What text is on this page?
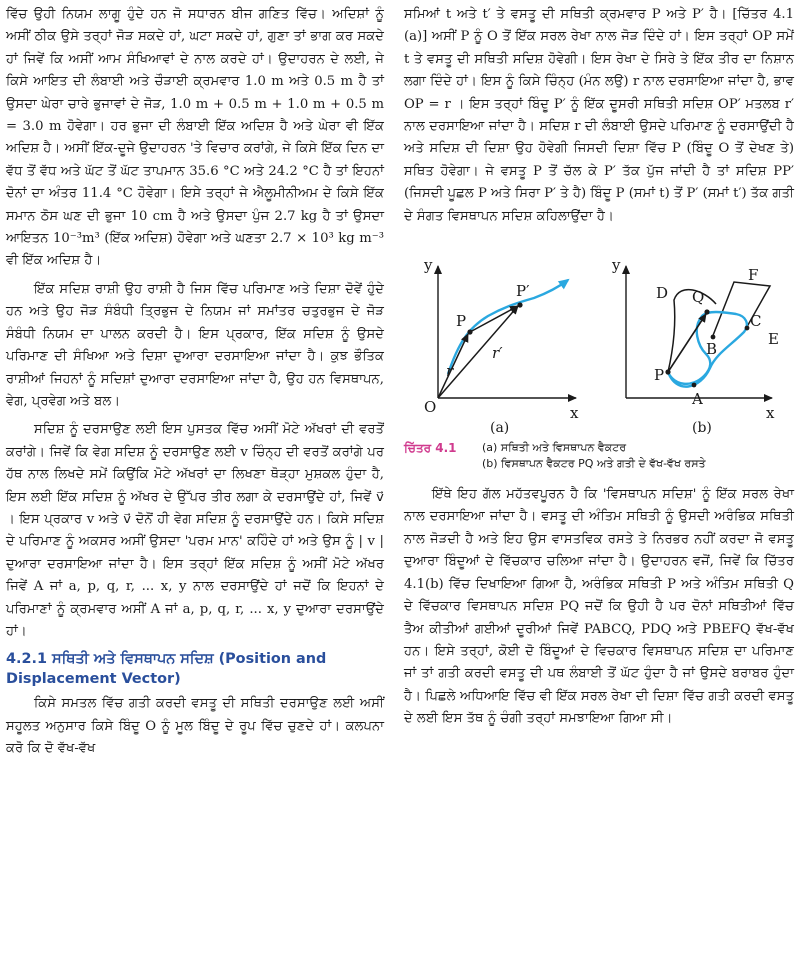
ਵਿੱਚ ਉਹੀ ਨਿਯਮ ਲਾਗੂ ਹੁੰਦੇ ਹਨ ਜੋ ਸਧਾਰਨ ਬੀਜ ਗਣਿਤ ਵਿੱਚ। ਅਦਿਸ਼ਾਂ ਨੂੰ ਅਸੀਂ ਠੀਕ ਉਸੇ ਤਰ੍ਹਾਂ ਜੋੜ ਸਕਦੇ ਹਾਂ, ਘਟਾ ਸਕਦੇ ਹਾਂ, ਗੁਣਾ ਤਾਂ ਭਾਗ ਕਰ ਸਕਦੇ ਹਾਂ ਜਿਵੇਂ ਕਿ ਅਸੀਂ ਆਮ ਸੰਖਿਆਵਾਂ ਦੇ ਨਾਲ ਕਰਦੇ ਹਾਂ। ਉਦਾਹਰਨ ਦੇ ਲਈ, ਜੇ ਕਿਸੇ ਆਇਤ ਦੀ ਲੰਬਾਈ ਅਤੇ ਚੌੜਾਈ ਕ੍ਰਮਵਾਰ 1.0 m ਅਤੇ 0.5 m ਹੈ ਤਾਂ ਉਸਦਾ ਘੇਰਾ ਚਾਰੇ ਭੁਜਾਵਾਂ ਦੇ ਜੋੜ, 1.0 m + 0.5 m + 1.0 m + 0.5 m = 3.0 m ਹੋਵੇਗਾ। ਹਰ ਭੁਜਾ ਦੀ ਲੰਬਾਈ ਇੱਕ ਅਦਿਸ਼ ਹੈ ਅਤੇ ਘੇਰਾ ਵੀ ਇੱਕ ਅਦਿਸ਼ ਹੈ। ਅਸੀਂ ਇੱਕ-ਦੂਜੇ ਉਦਾਹਰਨ 'ਤੇ ਵਿਚਾਰ ਕਰਾਂਗੇ, ਜੇ ਕਿਸੇ ਇੱਕ ਦਿਨ ਦਾ ਵੱਧ ਤੋਂ ਵੱਧ ਅਤੇ ਘੱਟ ਤੋਂ ਘੱਟ ਤਾਪਮਾਨ 35.6 °C ਅਤੇ 24.2 °C ਹੈ ਤਾਂ ਇਹਨਾਂ ਦੋਨਾਂ ਦਾ ਅੰਤਰ 11.4 °C ਹੋਵੇਗਾ। ਇਸੇ ਤਰ੍ਹਾਂ ਜੇ ਐਲੂਮੀਨੀਅਮ ਦੇ ਕਿਸੇ ਇੱਕ ਸਮਾਨ ਠੋਸ ਘਣ ਦੀ ਭੁਜਾ 10 cm ਹੈ ਅਤੇ ਉਸਦਾ ਪੁੰਜ 2.7 kg ਹੈ ਤਾਂ ਉਸਦਾ ਆਇਤਨ 10⁻³m³ (ਇੱਕ ਅਦਿਸ਼) ਹੋਵੇਗਾ ਅਤੇ ਘਣਤਾ 2.7 × 10³ kg m⁻³ ਵੀ ਇੱਕ ਅਦਿਸ਼ ਹੈ।

ਇੱਕ ਸਦਿਸ਼ ਰਾਸ਼ੀ ਉਹ ਰਾਸ਼ੀ ਹੈ ਜਿਸ ਵਿੱਚ ਪਰਿਮਾਣ ਅਤੇ ਦਿਸ਼ਾ ਦੋਵੇਂ ਹੁੰਦੇ ਹਨ ਅਤੇ ਉਹ ਜੋੜ ਸੰਬੰਧੀ ਤ੍ਰਿਭੁਜ ਦੇ ਨਿਯਮ ਜਾਂ ਸਮਾਂਤਰ ਚਤੁਰਭੁਜ ਦੇ ਜੋੜ ਸੰਬੰਧੀ ਨਿਯਮ ਦਾ ਪਾਲਨ ਕਰਦੀ ਹੈ। ਇਸ ਪ੍ਰਕਾਰ, ਇੱਕ ਸਦਿਸ਼ ਨੂੰ ਉਸਦੇ ਪਰਿਮਾਣ ਦੀ ਸੰਖਿਆ ਅਤੇ ਦਿਸ਼ਾ ਦੁਆਰਾ ਦਰਸਾਇਆ ਜਾਂਦਾ ਹੈ। ਕੁਝ ਭੌਤਿਕ ਰਾਸ਼ੀਆਂ ਜਿਹਨਾਂ ਨੂੰ ਸਦਿਸ਼ਾਂ ਦੁਆਰਾ ਦਰਸਾਇਆ ਜਾਂਦਾ ਹੈ, ਉਹ ਹਨ ਵਿਸਥਾਪਨ, ਵੇਗ, ਪ੍ਰਵੇਗ ਅਤੇ ਬਲ।

ਸਦਿਸ਼ ਨੂੰ ਦਰਸਾਉਣ ਲਈ ਇਸ ਪੁਸਤਕ ਵਿੱਚ ਅਸੀਂ ਮੋਟੇ ਅੱਖਰਾਂ ਦੀ ਵਰਤੋਂ ਕਰਾਂਗੇ। ਜਿਵੇਂ ਕਿ ਵੇਗ ਸਦਿਸ਼ ਨੂੰ ਦਰਸਾਉਣ ਲਈ v ਚਿੰਨ੍ਹ ਦੀ ਵਰਤੋਂ ਕਰਾਂਗੇ ਪਰ ਹੱਥ ਨਾਲ ਲਿਖਦੇ ਸਮੇਂ ਕਿਉਂਕਿ ਮੋਟੇ ਅੱਖਰਾਂ ਦਾ ਲਿਖਣਾ ਥੋੜ੍ਹਾ ਮੁਸ਼ਕਲ ਹੁੰਦਾ ਹੈ, ਇਸ ਲਈ ਇੱਕ ਸਦਿਸ਼ ਨੂੰ ਅੱਖਰ ਦੇ ਉੱਪਰ ਤੀਰ ਲਗਾ ਕੇ ਦਰਸਾਉਂਦੇ ਹਾਂ, ਜਿਵੇਂ v⃗ । ਇਸ ਪ੍ਰਕਾਰ v ਅਤੇ v⃗ ਦੋਨੋਂ ਹੀ ਵੇਗ ਸਦਿਸ਼ ਨੂੰ ਦਰਸਾਉਂਦੇ ਹਨ। ਕਿਸੇ ਸਦਿਸ਼ ਦੇ ਪਰਿਮਾਣ ਨੂੰ ਅਕਸਰ ਅਸੀਂ ਉਸਦਾ 'ਪਰਮ ਮਾਨ' ਕਹਿੰਦੇ ਹਾਂ ਅਤੇ ਉਸ ਨੂੰ | v | ਦੁਆਰਾ ਦਰਸਾਇਆ ਜਾਂਦਾ ਹੈ। ਇਸ ਤਰ੍ਹਾਂ ਇੱਕ ਸਦਿਸ਼ ਨੂੰ ਅਸੀਂ ਮੋਟੇ ਅੱਖਰ ਜਿਵੇਂ A ਜਾਂ a, p, q, r, ... x, y ਨਾਲ ਦਰਸਾਉਂਦੇ ਹਾਂ ਜਦੋਂ ਕਿ ਇਹਨਾਂ ਦੇ ਪਰਿਮਾਣਾਂ ਨੂੰ ਕ੍ਰਮਵਾਰ ਅਸੀਂ A ਜਾਂ a, p, q, r, ... x, y ਦੁਆਰਾ ਦਰਸਾਉਂਦੇ ਹਾਂ।

4.2.1 ਸਥਿਤੀ ਅਤੇ ਵਿਸਥਾਪਨ ਸਦਿਸ਼ (Position and Displacement Vector)

ਕਿਸੇ ਸਮਤਲ ਵਿੱਚ ਗਤੀ ਕਰਦੀ ਵਸਤੂ ਦੀ ਸਥਿਤੀ ਦਰਸਾਉਣ ਲਈ ਅਸੀਂ ਸਹੂਲਤ ਅਨੁਸਾਰ ਕਿਸੇ ਬਿੰਦੂ O ਨੂੰ ਮੂਲ ਬਿੰਦੂ ਦੇ ਰੂਪ ਵਿੱਚ ਚੁਣਦੇ ਹਾਂ। ਕਲਪਨਾ ਕਰੋ ਕਿ ਦੋ ਵੱਖ-ਵੱਖ

ਸਮਿਆਂ t ਅਤੇ t′ ਤੇ ਵਸਤੂ ਦੀ ਸਥਿਤੀ ਕ੍ਰਮਵਾਰ P ਅਤੇ P′ ਹੈ। [ਚਿੱਤਰ 4.1 (a)] ਅਸੀਂ P ਨੂੰ O ਤੋਂ ਇੱਕ ਸਰਲ ਰੇਖਾ ਨਾਲ ਜੋੜ ਦਿੰਦੇ ਹਾਂ। ਇਸ ਤਰ੍ਹਾਂ OP ਸਮੇਂ t ਤੇ ਵਸਤੂ ਦੀ ਸਥਿਤੀ ਸਦਿਸ਼ ਹੋਵੇਗੀ। ਇਸ ਰੇਖਾ ਦੇ ਸਿਰੇ ਤੇ ਇੱਕ ਤੀਰ ਦਾ ਨਿਸ਼ਾਨ ਲਗਾ ਦਿੰਦੇ ਹਾਂ। ਇਸ ਨੂੰ ਕਿਸੇ ਚਿੰਨ੍ਹ (ਮੰਨ ਲਉ) r ਨਾਲ ਦਰਸਾਇਆ ਜਾਂਦਾ ਹੈ, ਭਾਵ OP = r । ਇਸ ਤਰ੍ਹਾਂ ਬਿੰਦੂ P′ ਨੂੰ ਇੱਕ ਦੂਸਰੀ ਸਥਿਤੀ ਸਦਿਸ਼ OP′ ਮਤਲਬ r′ ਨਾਲ ਦਰਸਾਇਆ ਜਾਂਦਾ ਹੈ। ਸਦਿਸ਼ r ਦੀ ਲੰਬਾਈ ਉਸਦੇ ਪਰਿਮਾਣ ਨੂੰ ਦਰਸਾਉਂਦੀ ਹੈ ਅਤੇ ਸਦਿਸ਼ ਦੀ ਦਿਸ਼ਾ ਉਹ ਹੋਵੇਗੀ ਜਿਸਦੀ ਦਿਸ਼ਾ ਵਿੱਚ P (ਬਿੰਦੂ O ਤੋਂ ਦੇਖਣ ਤੇ) ਸਥਿਤ ਹੋਵੇਗਾ। ਜੇ ਵਸਤੂ P ਤੋਂ ਚੱਲ ਕੇ P′ ਤੱਕ ਪੁੱਜ ਜਾਂਦੀ ਹੈ ਤਾਂ ਸਦਿਸ਼ PP′ (ਜਿਸਦੀ ਪੂਛਲ P ਅਤੇ ਸਿਰਾ P′ ਤੇ ਹੈ) ਬਿੰਦੂ P (ਸਮਾਂ t) ਤੋਂ P′ (ਸਮਾਂ t′) ਤੱਕ ਗਤੀ ਦੇ ਸੰਗਤ ਵਿਸਥਾਪਨ ਸਦਿਸ਼ ਕਹਿਲਾਉਂਦਾ ਹੈ।

y
x
O
P
P′
r
r′
(a)
y
x
P
A
B
C
D
E
F
Q
(b)
ਚਿੱਤਰ 4.1	(a) ਸਥਿਤੀ ਅਤੇ ਵਿਸਥਾਪਨ ਵੈਕਟਰ
(b) ਵਿਸਥਾਪਨ ਵੈਕਟਰ PQ ਅਤੇ ਗਤੀ ਦੇ ਵੱਖ-ਵੱਖ ਰਸਤੇ

ਇੱਥੇ ਇਹ ਗੱਲ ਮਹੱਤਵਪੂਰਨ ਹੈ ਕਿ 'ਵਿਸਥਾਪਨ ਸਦਿਸ਼' ਨੂੰ ਇੱਕ ਸਰਲ ਰੇਖਾ ਨਾਲ ਦਰਸਾਇਆ ਜਾਂਦਾ ਹੈ। ਵਸਤੂ ਦੀ ਅੰਤਿਮ ਸਥਿਤੀ ਨੂੰ ਉਸਦੀ ਅਰੰਭਿਕ ਸਥਿਤੀ ਨਾਲ ਜੋੜਦੀ ਹੈ ਅਤੇ ਇਹ ਉਸ ਵਾਸਤਵਿਕ ਰਸਤੇ ਤੇ ਨਿਰਭਰ ਨਹੀਂ ਕਰਦਾ ਜੋ ਵਸਤੂ ਦੁਆਰਾ ਬਿੰਦੂਆਂ ਦੇ ਵਿੱਚਕਾਰ ਚਲਿਆ ਜਾਂਦਾ ਹੈ। ਉਦਾਹਰਨ ਵਜੋਂ, ਜਿਵੇਂ ਕਿ ਚਿੱਤਰ 4.1(b) ਵਿੱਚ ਦਿਖਾਇਆ ਗਿਆ ਹੈ, ਅਰੰਭਿਕ ਸਥਿਤੀ P ਅਤੇ ਅੰਤਿਮ ਸਥਿਤੀ Q ਦੇ ਵਿੱਚਕਾਰ ਵਿਸਥਾਪਨ ਸਦਿਸ਼ PQ ਜਦੋਂ ਕਿ ਉਹੀ ਹੈ ਪਰ ਦੋਨਾਂ ਸਥਿਤੀਆਂ ਵਿੱਚ ਤੈਅ ਕੀਤੀਆਂ ਗਈਆਂ ਦੂਰੀਆਂ ਜਿਵੇਂ PABCQ, PDQ ਅਤੇ PBEFQ ਵੱਖ-ਵੱਖ ਹਨ। ਇਸੇ ਤਰ੍ਹਾਂ, ਕੋਈ ਦੋ ਬਿੰਦੂਆਂ ਦੇ ਵਿਚਕਾਰ ਵਿਸਥਾਪਨ ਸਦਿਸ਼ ਦਾ ਪਰਿਮਾਣ ਜਾਂ ਤਾਂ ਗਤੀ ਕਰਦੀ ਵਸਤੂ ਦੀ ਪਥ ਲੰਬਾਈ ਤੋਂ ਘੱਟ ਹੁੰਦਾ ਹੈ ਜਾਂ ਉਸਦੇ ਬਰਾਬਰ ਹੁੰਦਾ ਹੈ। ਪਿਛਲੇ ਅਧਿਆਇ ਵਿੱਚ ਵੀ ਇੱਕ ਸਰਲ ਰੇਖਾ ਦੀ ਦਿਸ਼ਾ ਵਿੱਚ ਗਤੀ ਕਰਦੀ ਵਸਤੂ ਦੇ ਲਈ ਇਸ ਤੱਥ ਨੂੰ ਚੰਗੀ ਤਰ੍ਹਾਂ ਸਮਝਾਇਆ ਗਿਆ ਸੀ।
